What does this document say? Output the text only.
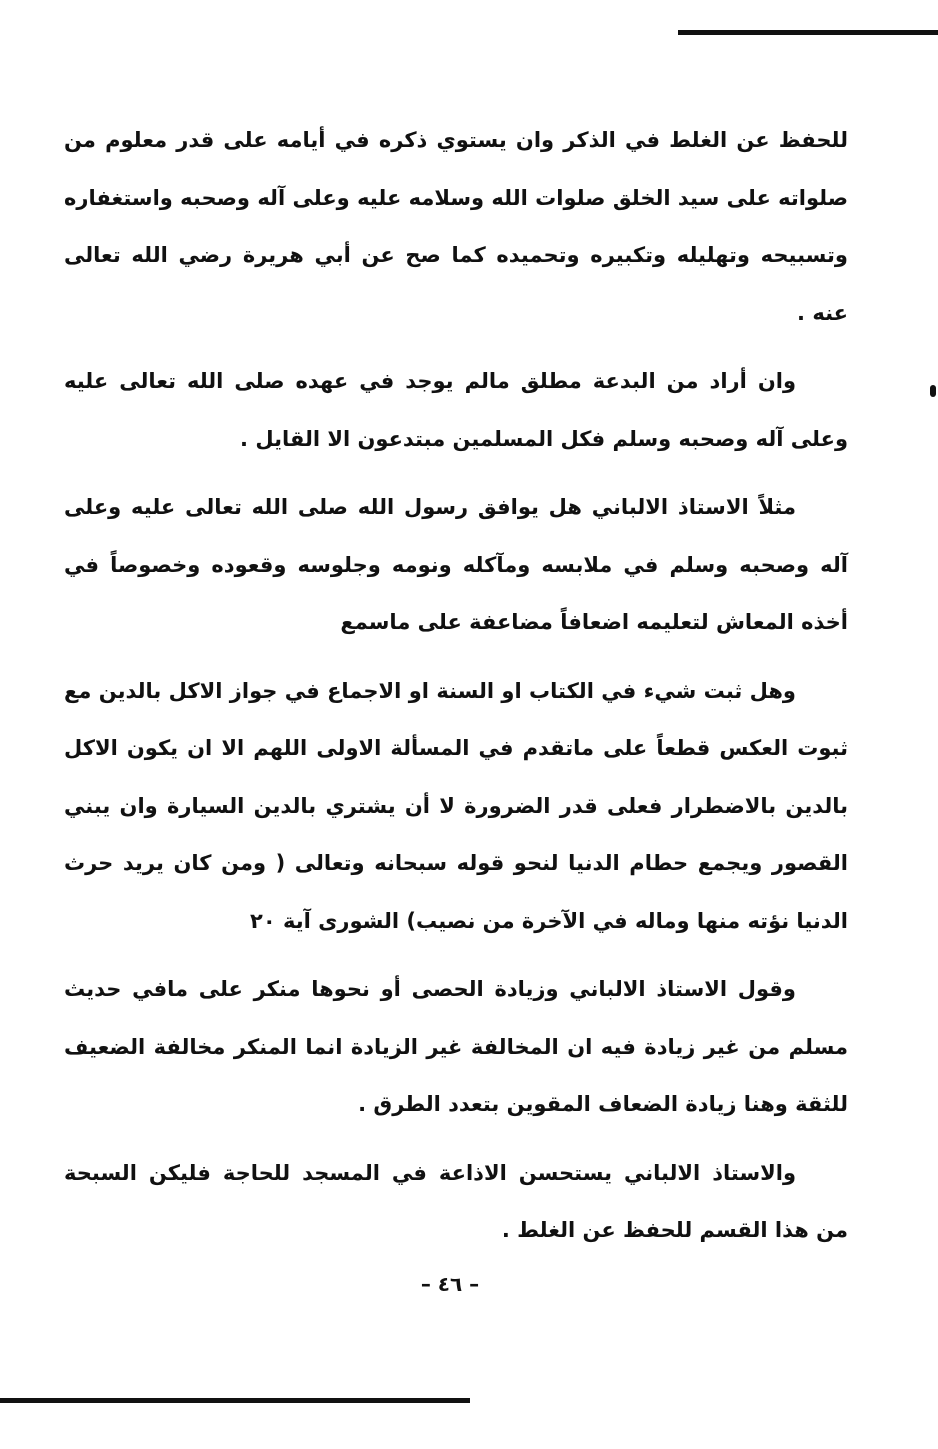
للحفظ عن الغلط في الذكر وان يستوي ذكره في أيامه على قدر معلوم من صلواته على سيد الخلق صلوات الله وسلامه عليه وعلى آله وصحبه واستغفاره وتسبيحه وتهليله وتكبيره وتحميده كما صح عن أبي هريرة رضي الله تعالى عنه .

وان أراد من البدعة مطلق مالم يوجد في عهده صلى الله تعالى عليه وعلى آله وصحبه وسلم فكل المسلمين مبتدعون الا القايل .

مثلاً الاستاذ الالباني هل يوافق رسول الله صلى الله تعالى عليه وعلى آله وصحبه وسلم في ملابسه ومآكله ونومه وجلوسه وقعوده وخصوصاً في أخذه المعاش لتعليمه اضعافاً مضاعفة على ماسمع

وهل ثبت شيء في الكتاب او السنة او الاجماع في جواز الاكل بالدين مع ثبوت العكس قطعاً على ماتقدم في المسألة الاولى اللهم الا ان يكون الاكل بالدين بالاضطرار فعلى قدر الضرورة لا أن يشتري بالدين السيارة وان يبني القصور ويجمع حطام الدنيا لنحو قوله سبحانه وتعالى ( ومن كان يريد حرث الدنيا نؤته منها وماله في الآخرة من نصيب) الشورى آية ٢٠

وقول الاستاذ الالباني وزيادة الحصى أو نحوها منكر على مافي حديث مسلم من غير زيادة فيه ان المخالفة غير الزيادة انما المنكر مخالفة الضعيف للثقة وهنا زيادة الضعاف المقوين بتعدد الطرق .

والاستاذ الالباني يستحسن الاذاعة في المسجد للحاجة فليكن السبحة من هذا القسم للحفظ عن الغلط .

– ٤٦ –
